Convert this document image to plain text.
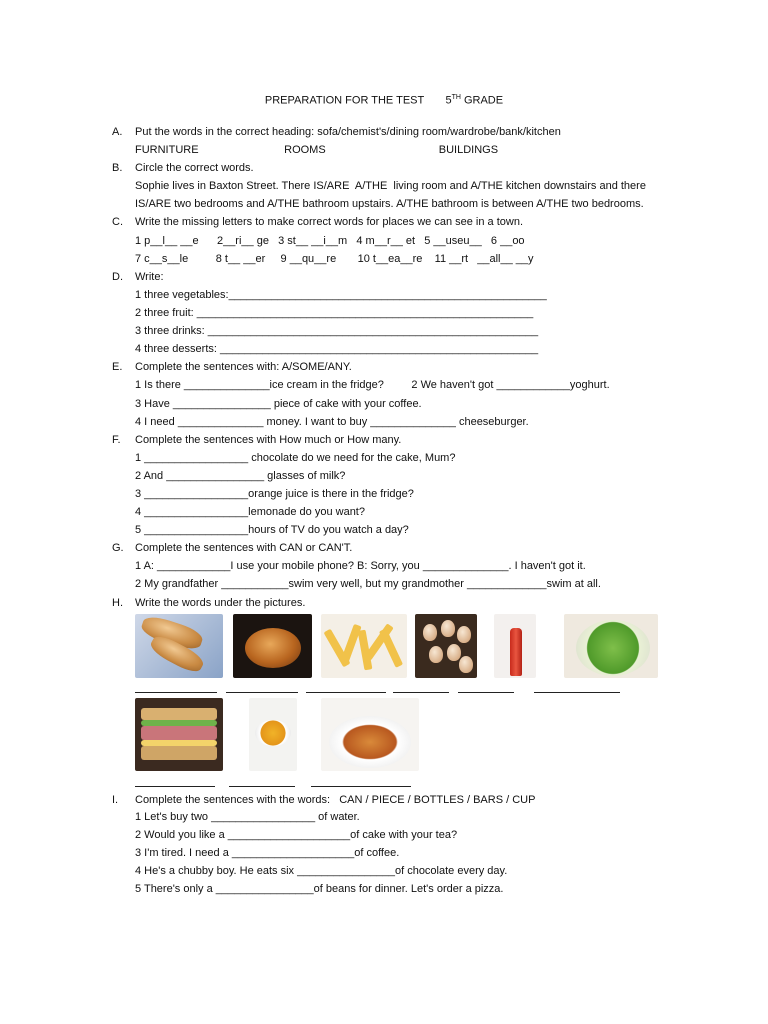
PREPARATION FOR THE TEST 5TH GRADE
A. Put the words in the correct heading: sofa/chemist's/dining room/wardrobe/bank/kitchen
FURNITURE                            ROOMS                                     BUILDINGS
B. Circle the correct words.
Sophie lives in Baxton Street. There IS/ARE  A/THE  living room and A/THE kitchen downstairs and there
IS/ARE two bedrooms and A/THE bathroom upstairs. A/THE bathroom is between A/THE two bedrooms.
C. Write the missing letters to make correct words for places we can see in a town.
1 p__l__ __e      2__ri__ ge   3 st__ __i__m   4 m__r__ et   5 __useu__   6 __oo
7 c__s__le         8 t__ __er     9 __qu__re       10 t__ea__re    11 __rt   __all__ __y
D. Write:
1 three vegetables:____________________________________________________
2 three fruit: _______________________________________________________
3 three drinks: ______________________________________________________
4 three desserts: ____________________________________________________
E. Complete the sentences with: A/SOME/ANY.
1 Is there ______________ice cream in the fridge?         2 We haven't got ____________yoghurt.
3 Have ________________ piece of cake with your coffee.
4 I need ______________ money. I want to buy ______________ cheeseburger.
F. Complete the sentences with How much or How many.
1 _________________ chocolate do we need for the cake, Mum?
2 And ________________ glasses of milk?
3 _________________orange juice is there in the fridge?
4 _________________lemonade do you want?
5 _________________hours of TV do you watch a day?
G. Complete the sentences with CAN or CAN'T.
1 A: ____________I use your mobile phone? B: Sorry, you ______________. I haven't got it.
2 My grandfather ___________swim very well, but my grandmother _____________swim at all.
H. Write the words under the pictures.
I. Complete the sentences with the words:   CAN / PIECE / BOTTLES / BARS / CUP
1 Let's buy two _________________ of water.
2 Would you like a ____________________of cake with your tea?
3 I'm tired. I need a ____________________of coffee.
4 He's a chubby boy. He eats six ________________of chocolate every day.
5 There's only a ________________of beans for dinner. Let's order a pizza.
